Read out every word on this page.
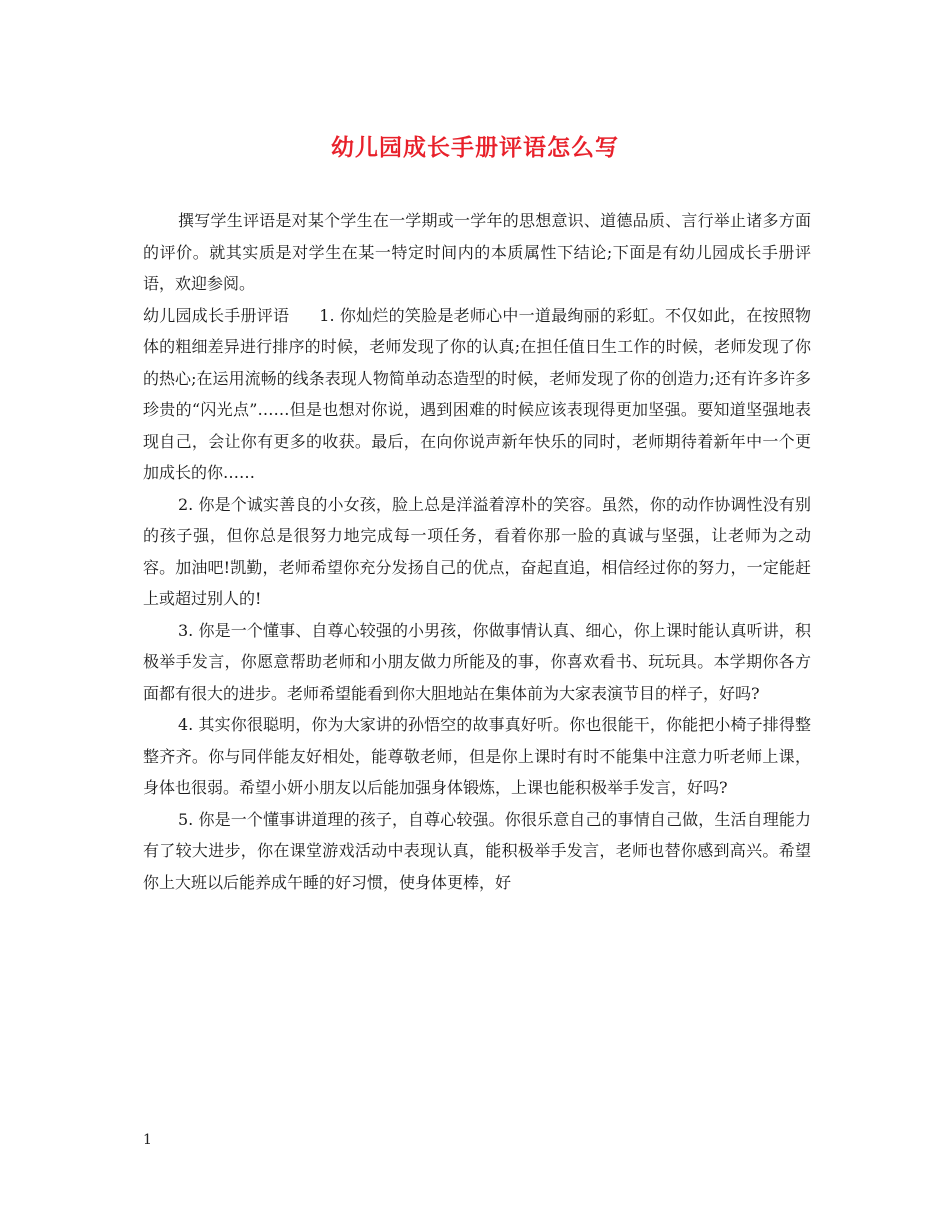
幼儿园成长手册评语怎么写

撰写学生评语是对某个学生在一学期或一学年的思想意识、道德品质、言行举止诸多方面的评价。就其实质是对学生在某一特定时间内的本质属性下结论;下面是有幼儿园成长手册评语，欢迎参阅。

幼儿园成长手册评语 1. 你灿烂的笑脸是老师心中一道最绚丽的彩虹。不仅如此，在按照物体的粗细差异进行排序的时候，老师发现了你的认真;在担任值日生工作的时候，老师发现了你的热心;在运用流畅的线条表现人物简单动态造型的时候，老师发现了你的创造力;还有许多许多珍贵的“闪光点”……但是也想对你说，遇到困难的时候应该表现得更加坚强。要知道坚强地表现自己，会让你有更多的收获。最后，在向你说声新年快乐的同时，老师期待着新年中一个更加成长的你……

2. 你是个诚实善良的小女孩，脸上总是洋溢着淳朴的笑容。虽然，你的动作协调性没有别的孩子强，但你总是很努力地完成每一项任务，看着你那一脸的真诚与坚强，让老师为之动容。加油吧!凯勤，老师希望你充分发扬自己的优点，奋起直追，相信经过你的努力，一定能赶上或超过别人的!

3. 你是一个懂事、自尊心较强的小男孩，你做事情认真、细心，你上课时能认真听讲，积极举手发言，你愿意帮助老师和小朋友做力所能及的事，你喜欢看书、玩玩具。本学期你各方面都有很大的进步。老师希望能看到你大胆地站在集体前为大家表演节目的样子，好吗?

4. 其实你很聪明，你为大家讲的孙悟空的故事真好听。你也很能干，你能把小椅子排得整整齐齐。你与同伴能友好相处，能尊敬老师，但是你上课时有时不能集中注意力听老师上课，身体也很弱。希望小妍小朋友以后能加强身体锻炼，上课也能积极举手发言，好吗?

5. 你是一个懂事讲道理的孩子，自尊心较强。你很乐意自己的事情自己做，生活自理能力有了较大进步，你在课堂游戏活动中表现认真，能积极举手发言，老师也替你感到高兴。希望你上大班以后能养成午睡的好习惯，使身体更棒，好

1
